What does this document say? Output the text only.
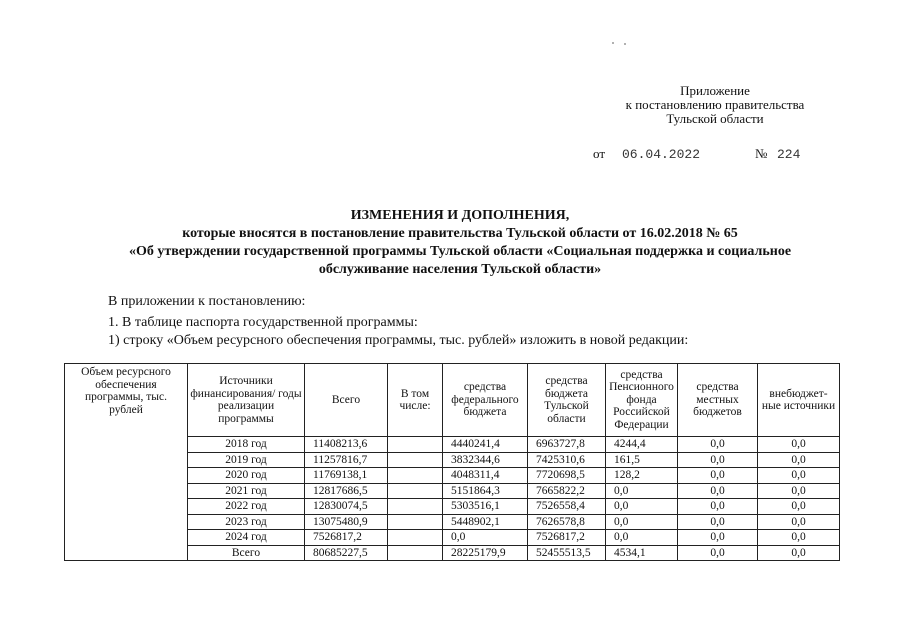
Приложение
к постановлению правительства
Тульской области
от 06.04.2022	№ 224
ИЗМЕНЕНИЯ И ДОПОЛНЕНИЯ,
которые вносятся в постановление правительства Тульской области от 16.02.2018 № 65
«Об утверждении государственной программы Тульской области «Социальная поддержка и социальное
обслуживание населения Тульской области»
В приложении к постановлению:
1. В таблице паспорта государственной программы:
1) строку «Объем ресурсного обеспечения программы, тыс. рублей» изложить в новой редакции:
Объем ресурсного обеспечения программы, тыс. рублей	Источники финансирования/ годы реализации программы	Всего	В том числе:	средства федерального бюджета	средства бюджета Тульской области	средства Пенсионного фонда Российской Федерации	средства местных бюджетов	внебюджет-ные источники
	2018 год	11408213,6		4440241,4	6963727,8	4244,4	0,0	0,0
	2019 год	11257816,7		3832344,6	7425310,6	161,5	0,0	0,0
	2020 год	11769138,1		4048311,4	7720698,5	128,2	0,0	0,0
	2021 год	12817686,5		5151864,3	7665822,2	0,0	0,0	0,0
	2022 год	12830074,5		5303516,1	7526558,4	0,0	0,0	0,0
	2023 год	13075480,9		5448902,1	7626578,8	0,0	0,0	0,0
	2024 год	7526817,2		0,0	7526817,2	0,0	0,0	0,0
	Всего	80685227,5		28225179,9	52455513,5	4534,1	0,0	0,0
